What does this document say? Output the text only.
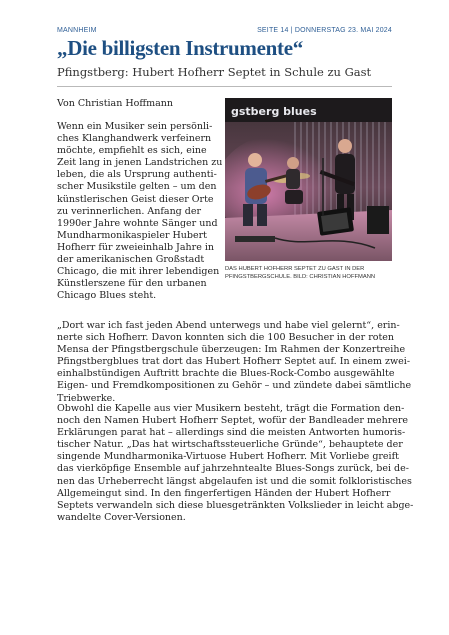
MANNHEIM	SEITE 14 | DONNERSTAG 23. MAI 2024
„Die billigsten Instrumente“
Pfingstberg: Hubert Hofherr Septet in Schule zu Gast
Von Christian Hoffmann
Wenn ein Musiker sein persönli-
ches Klanghandwerk verfeinern
möchte, empfiehlt es sich, eine
Zeit lang in jenen Landstrichen zu
leben, die als Ursprung authenti-
scher Musikstile gelten – um den
künstlerischen Geist dieser Orte
zu verinnerlichen. Anfang der
1990er Jahre wohnte Sänger und
Mundharmonikaspieler Hubert
Hofherr für zweieinhalb Jahre in
der amerikanischen Großstadt
Chicago, die mit ihrer lebendigen
Künstlerszene für den urbanen
Chicago Blues steht.
gstberg blues
DAS HUBERT HOFHERR SEPTET ZU GAST IN DER
PFINGSTBERGSCHULE. BILD: CHRISTIAN HOFFMANN
„Dort war ich fast jeden Abend unterwegs und habe viel gelernt“, erin-
nerte sich Hofherr. Davon konnten sich die 100 Besucher in der roten
Mensa der Pfingstbergschule überzeugen: Im Rahmen der Konzertreihe
Pfingstbergblues trat dort das Hubert Hofherr Septet auf. In einem zwei-
einhalbstündigen Auftritt brachte die Blues-Rock-Combo ausgewählte
Eigen- und Fremdkompositionen zu Gehör – und zündete dabei sämtliche
Triebwerke.
Obwohl die Kapelle aus vier Musikern besteht, trägt die Formation den-
noch den Namen Hubert Hofherr Septet, wofür der Bandleader mehrere
Erklärungen parat hat – allerdings sind die meisten Antworten humoris-
tischer Natur. „Das hat wirtschaftssteuerliche Gründe“, behauptete der
singende Mundharmonika-Virtuose Hubert Hofherr. Mit Vorliebe greift
das vierköpfige Ensemble auf jahrzehntealte Blues-Songs zurück, bei de-
nen das Urheberrecht längst abgelaufen ist und die somit folkloristisches
Allgemeingut sind. In den fingerfertigen Händen der Hubert Hofherr
Septets verwandeln sich diese bluesgetränkten Volkslieder in leicht abge-
wandelte Cover-Versionen.
